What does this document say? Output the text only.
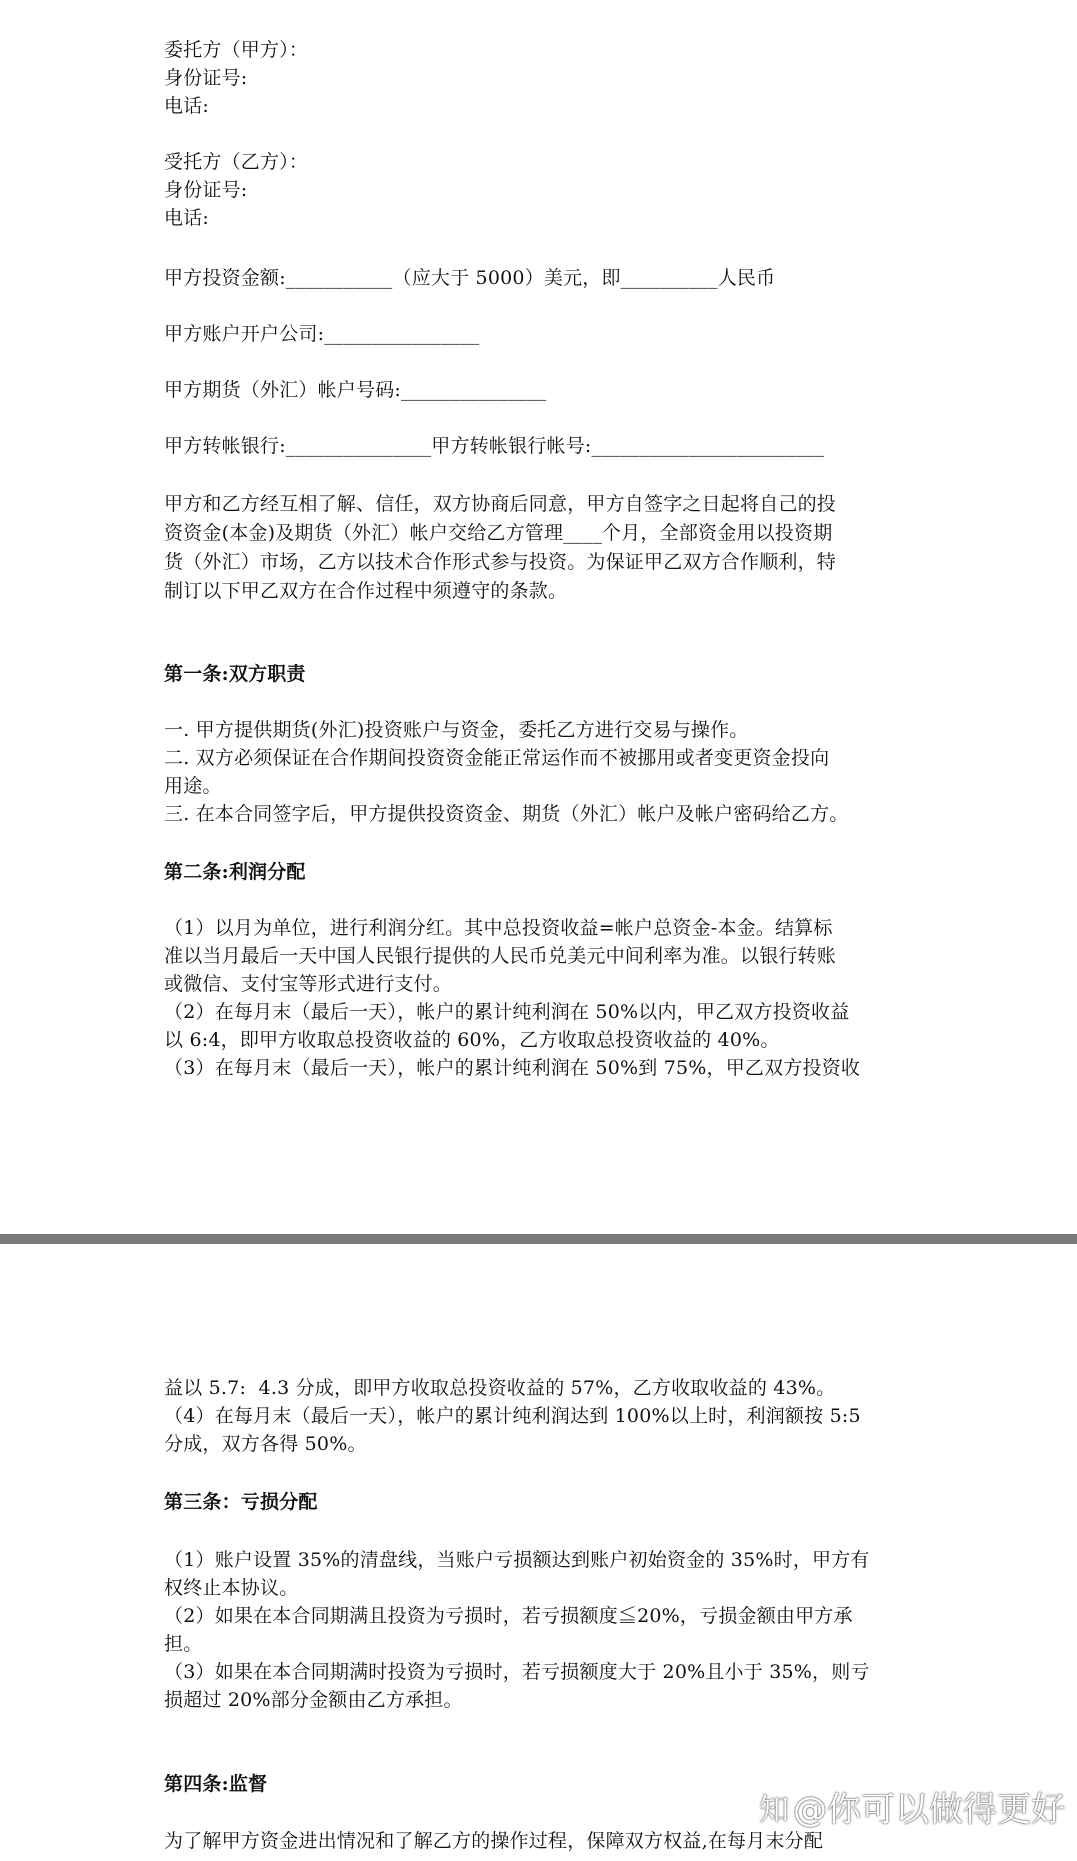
委托方（甲方）：
身份证号:
电话:
受托方（乙方）：
身份证号:
电话:
甲方投资金额:___________（应大于 5000）美元，即__________人民币
甲方账户开户公司:________________
甲方期货（外汇）帐户号码:_______________
甲方转帐银行:_______________甲方转帐银行帐号:________________________
甲方和乙方经互相了解、信任，双方协商后同意，甲方自签字之日起将自己的投
资资金(本金)及期货（外汇）帐户交给乙方管理____个月，全部资金用以投资期
货（外汇）市场，乙方以技术合作形式参与投资。为保证甲乙双方合作顺利，特
制订以下甲乙双方在合作过程中须遵守的条款。
第一条:双方职责
一. 甲方提供期货(外汇)投资账户与资金，委托乙方进行交易与操作。
二. 双方必须保证在合作期间投资资金能正常运作而不被挪用或者变更资金投向
用途。
三. 在本合同签字后，甲方提供投资资金、期货（外汇）帐户及帐户密码给乙方。
第二条:利润分配
（1）以月为单位，进行利润分红。其中总投资收益=帐户总资金-本金。结算标
准以当月最后一天中国人民银行提供的人民币兑美元中间利率为准。以银行转账
或微信、支付宝等形式进行支付。
（2）在每月末（最后一天），帐户的累计纯利润在 50%以内，甲乙双方投资收益
以 6:4，即甲方收取总投资收益的 60%，乙方收取总投资收益的 40%。
（3）在每月末（最后一天），帐户的累计纯利润在 50%到 75%，甲乙双方投资收
益以 5.7:  4.3 分成，即甲方收取总投资收益的 57%，乙方收取收益的 43%。
（4）在每月末（最后一天），帐户的累计纯利润达到 100%以上时，利润额按 5:5
分成，双方各得 50%。
第三条：亏损分配
（1）账户设置 35%的清盘线，当账户亏损额达到账户初始资金的 35%时，甲方有
权终止本协议。
（2）如果在本合同期满且投资为亏损时，若亏损额度≦20%，亏损金额由甲方承
担。
（3）如果在本合同期满时投资为亏损时，若亏损额度大于 20%且小于 35%，则亏
损超过 20%部分金额由乙方承担。
第四条:监督
为了解甲方资金进出情况和了解乙方的操作过程，保障双方权益,在每月末分配
知 @你可以做得更好
